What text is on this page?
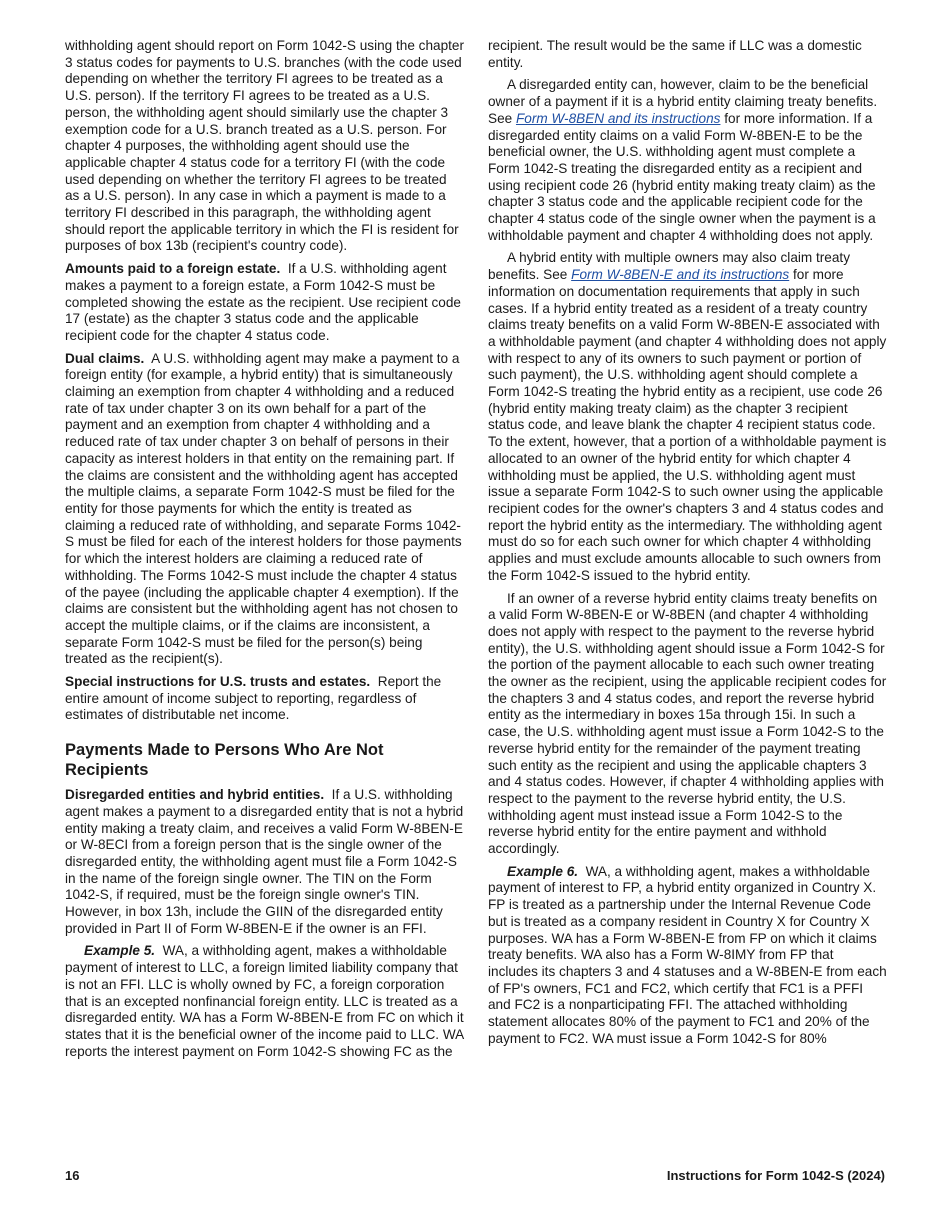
withholding agent should report on Form 1042-S using the chapter 3 status codes for payments to U.S. branches (with the code used depending on whether the territory FI agrees to be treated as a U.S. person). If the territory FI agrees to be treated as a U.S. person, the withholding agent should similarly use the chapter 3 exemption code for a U.S. branch treated as a U.S. person. For chapter 4 purposes, the withholding agent should use the applicable chapter 4 status code for a territory FI (with the code used depending on whether the territory FI agrees to be treated as a U.S. person). In any case in which a payment is made to a territory FI described in this paragraph, the withholding agent should report the applicable territory in which the FI is resident for purposes of box 13b (recipient's country code).

Amounts paid to a foreign estate. If a U.S. withholding agent makes a payment to a foreign estate, a Form 1042-S must be completed showing the estate as the recipient. Use recipient code 17 (estate) as the chapter 3 status code and the applicable recipient code for the chapter 4 status code.

Dual claims. A U.S. withholding agent may make a payment to a foreign entity (for example, a hybrid entity) that is simultaneously claiming an exemption from chapter 4 withholding and a reduced rate of tax under chapter 3 on its own behalf for a part of the payment and an exemption from chapter 4 withholding and a reduced rate of tax under chapter 3 on behalf of persons in their capacity as interest holders in that entity on the remaining part. If the claims are consistent and the withholding agent has accepted the multiple claims, a separate Form 1042-S must be filed for the entity for those payments for which the entity is treated as claiming a reduced rate of withholding, and separate Forms 1042-S must be filed for each of the interest holders for those payments for which the interest holders are claiming a reduced rate of withholding. The Forms 1042-S must include the chapter 4 status of the payee (including the applicable chapter 4 exemption). If the claims are consistent but the withholding agent has not chosen to accept the multiple claims, or if the claims are inconsistent, a separate Form 1042-S must be filed for the person(s) being treated as the recipient(s).

Special instructions for U.S. trusts and estates. Report the entire amount of income subject to reporting, regardless of estimates of distributable net income.

Payments Made to Persons Who Are Not Recipients

Disregarded entities and hybrid entities. If a U.S. withholding agent makes a payment to a disregarded entity that is not a hybrid entity making a treaty claim, and receives a valid Form W-8BEN-E or W-8ECI from a foreign person that is the single owner of the disregarded entity, the withholding agent must file a Form 1042-S in the name of the foreign single owner. The TIN on the Form 1042-S, if required, must be the foreign single owner's TIN. However, in box 13h, include the GIIN of the disregarded entity provided in Part II of Form W-8BEN-E if the owner is an FFI.

Example 5. WA, a withholding agent, makes a withholdable payment of interest to LLC, a foreign limited liability company that is not an FFI. LLC is wholly owned by FC, a foreign corporation that is an excepted nonfinancial foreign entity. LLC is treated as a disregarded entity. WA has a Form W-8BEN-E from FC on which it states that it is the beneficial owner of the income paid to LLC. WA reports the interest payment on Form 1042-S showing FC as the

recipient. The result would be the same if LLC was a domestic entity.

A disregarded entity can, however, claim to be the beneficial owner of a payment if it is a hybrid entity claiming treaty benefits. See Form W-8BEN and its instructions for more information. If a disregarded entity claims on a valid Form W-8BEN-E to be the beneficial owner, the U.S. withholding agent must complete a Form 1042-S treating the disregarded entity as a recipient and using recipient code 26 (hybrid entity making treaty claim) as the chapter 3 status code and the applicable recipient code for the chapter 4 status code of the single owner when the payment is a withholdable payment and chapter 4 withholding does not apply.

A hybrid entity with multiple owners may also claim treaty benefits. See Form W-8BEN-E and its instructions for more information on documentation requirements that apply in such cases. If a hybrid entity treated as a resident of a treaty country claims treaty benefits on a valid Form W-8BEN-E associated with a withholdable payment (and chapter 4 withholding does not apply with respect to any of its owners to such payment or portion of such payment), the U.S. withholding agent should complete a Form 1042-S treating the hybrid entity as a recipient, use code 26 (hybrid entity making treaty claim) as the chapter 3 recipient status code, and leave blank the chapter 4 recipient status code. To the extent, however, that a portion of a withholdable payment is allocated to an owner of the hybrid entity for which chapter 4 withholding must be applied, the U.S. withholding agent must issue a separate Form 1042-S to such owner using the applicable recipient codes for the owner's chapters 3 and 4 status codes and report the hybrid entity as the intermediary. The withholding agent must do so for each such owner for which chapter 4 withholding applies and must exclude amounts allocable to such owners from the Form 1042-S issued to the hybrid entity.

If an owner of a reverse hybrid entity claims treaty benefits on a valid Form W-8BEN-E or W-8BEN (and chapter 4 withholding does not apply with respect to the payment to the reverse hybrid entity), the U.S. withholding agent should issue a Form 1042-S for the portion of the payment allocable to each such owner treating the owner as the recipient, using the applicable recipient codes for the chapters 3 and 4 status codes, and report the reverse hybrid entity as the intermediary in boxes 15a through 15i. In such a case, the U.S. withholding agent must issue a Form 1042-S to the reverse hybrid entity for the remainder of the payment treating such entity as the recipient and using the applicable chapters 3 and 4 status codes. However, if chapter 4 withholding applies with respect to the payment to the reverse hybrid entity, the U.S. withholding agent must instead issue a Form 1042-S to the reverse hybrid entity for the entire payment and withhold accordingly.

Example 6. WA, a withholding agent, makes a withholdable payment of interest to FP, a hybrid entity organized in Country X. FP is treated as a partnership under the Internal Revenue Code but is treated as a company resident in Country X for Country X purposes. WA has a Form W-8BEN-E from FP on which it claims treaty benefits. WA also has a Form W-8IMY from FP that includes its chapters 3 and 4 statuses and a W-8BEN-E from each of FP's owners, FC1 and FC2, which certify that FC1 is a PFFI and FC2 is a nonparticipating FFI. The attached withholding statement allocates 80% of the payment to FC1 and 20% of the payment to FC2. WA must issue a Form 1042-S for 80%

16	Instructions for Form 1042-S (2024)
